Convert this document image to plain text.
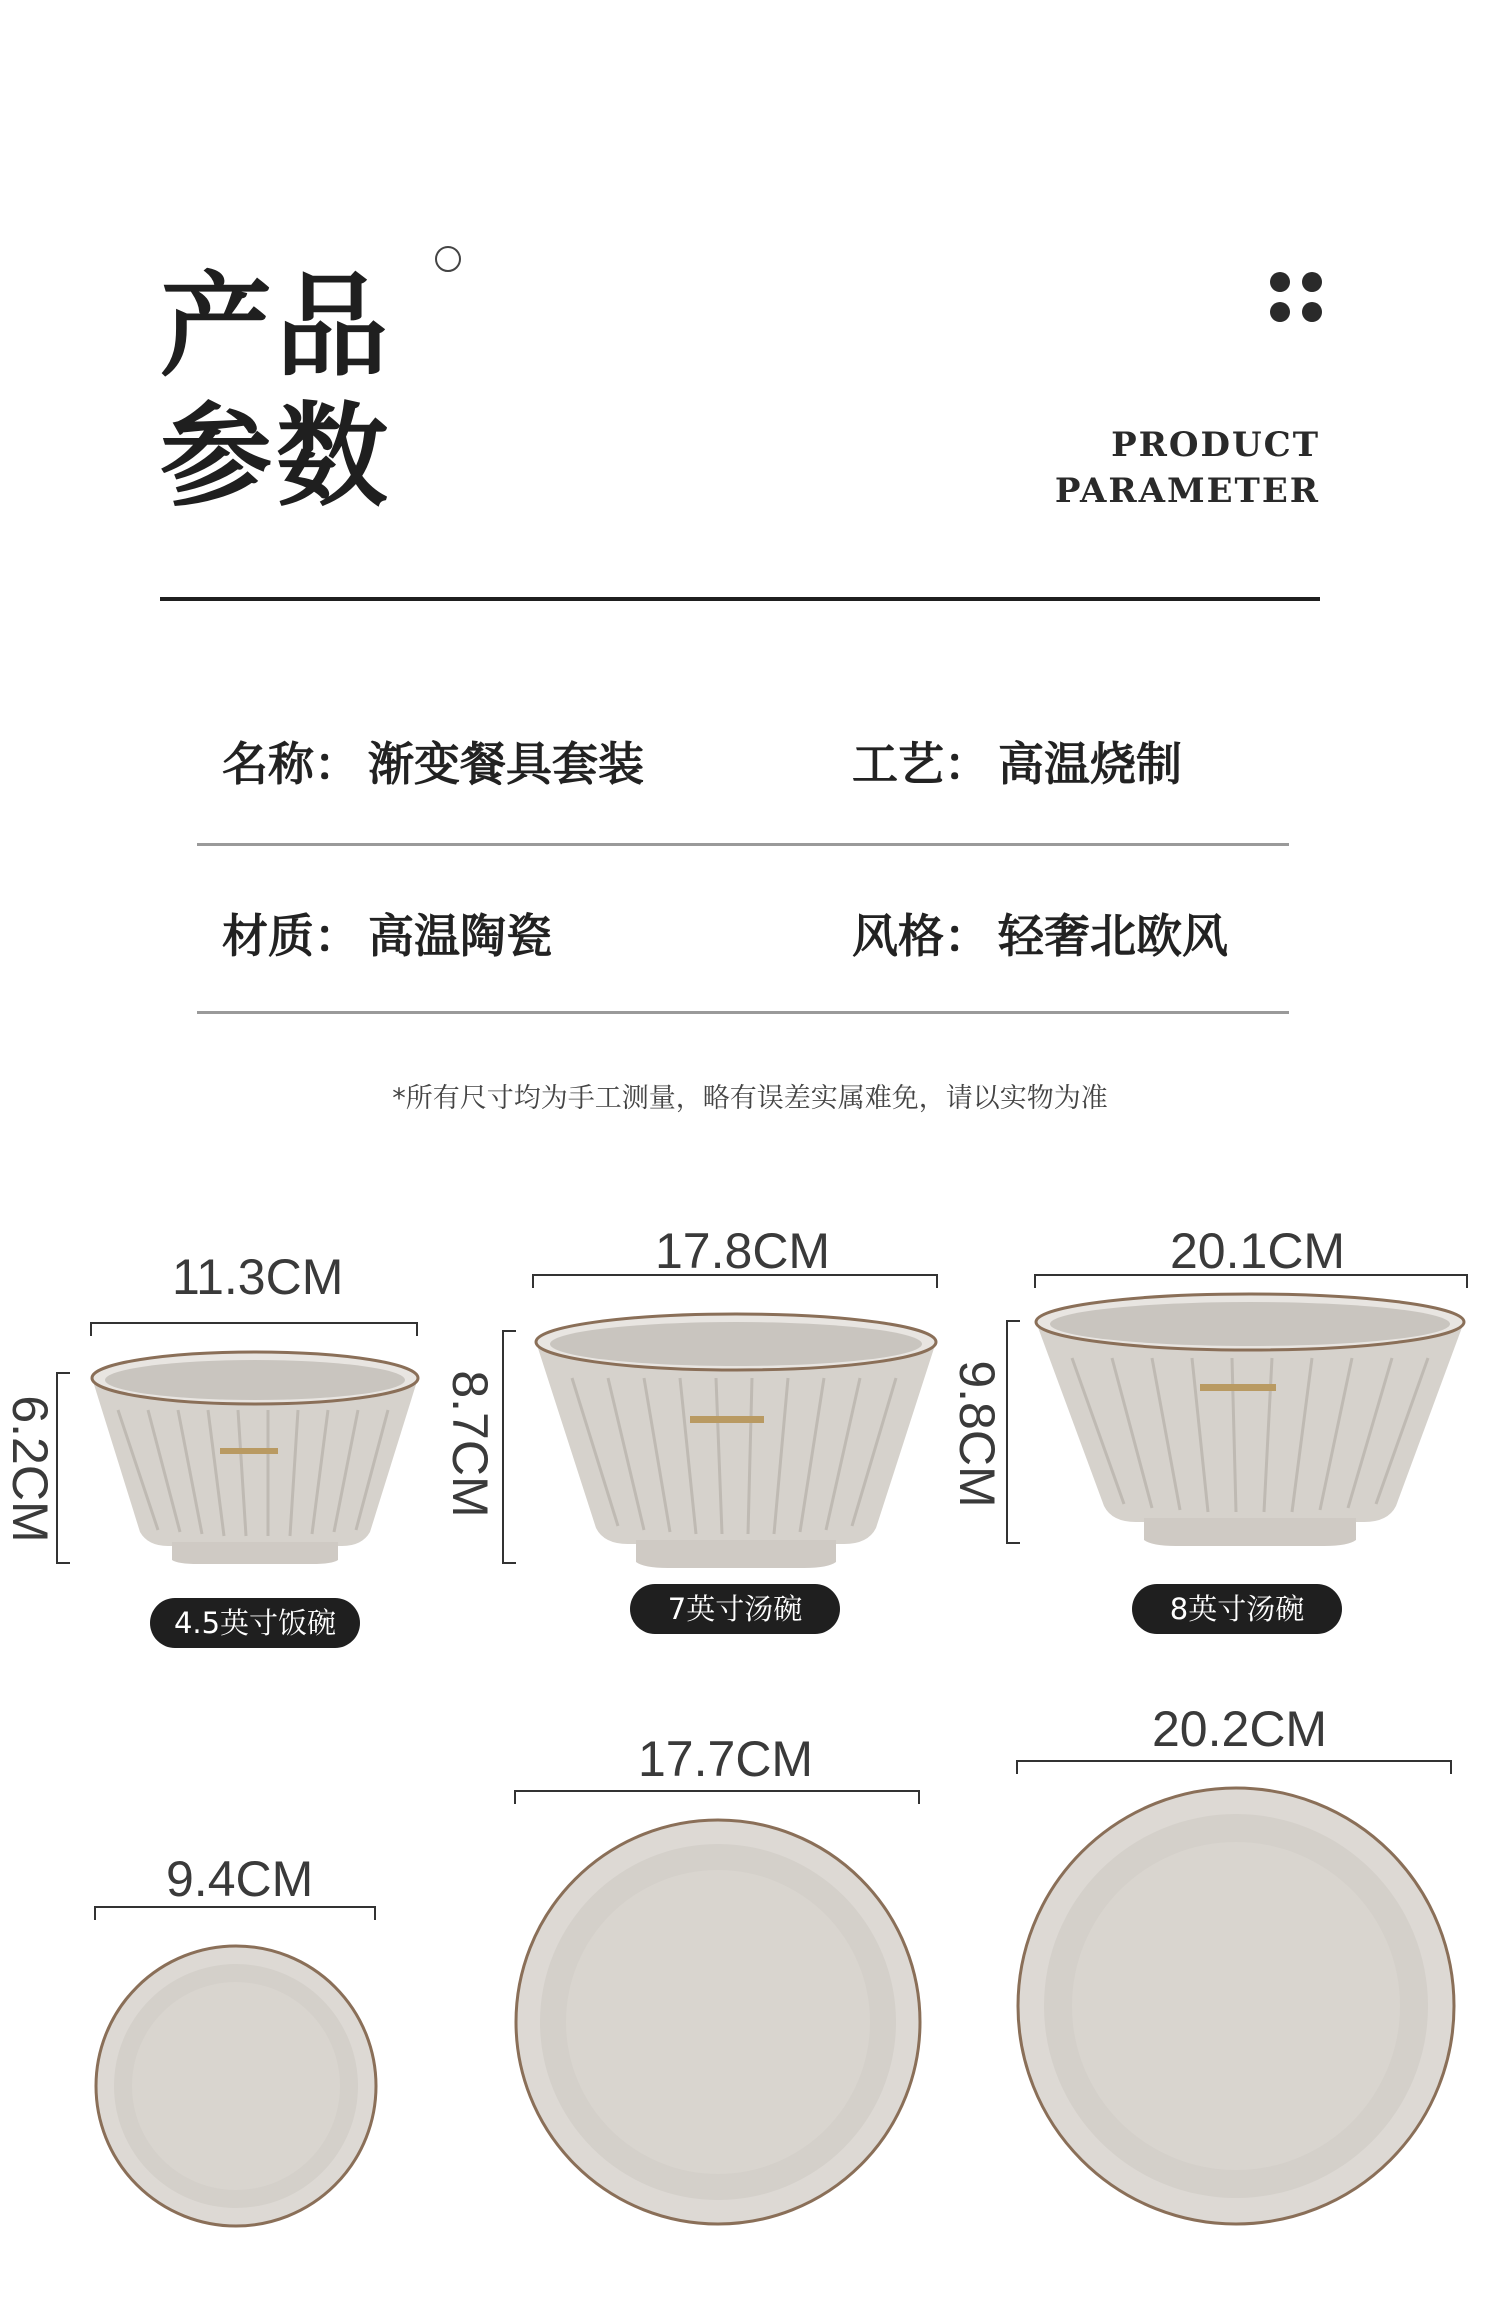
产品
参数	PRODUCT
PARAMETER
名称 ： 渐变餐具套装	工艺 ： 高温烧制
材质 ： 高温陶瓷	风格 ： 轻奢北欧风
*所有尺寸均为手工测量，略有误差实属难免，请以实物为准
11.3CM
6.2CM
4.5英寸饭碗
17.8CM
8.7CM
7英寸汤碗
20.1CM
9.8CM
8英寸汤碗
9.4CM
17.7CM
20.2CM
